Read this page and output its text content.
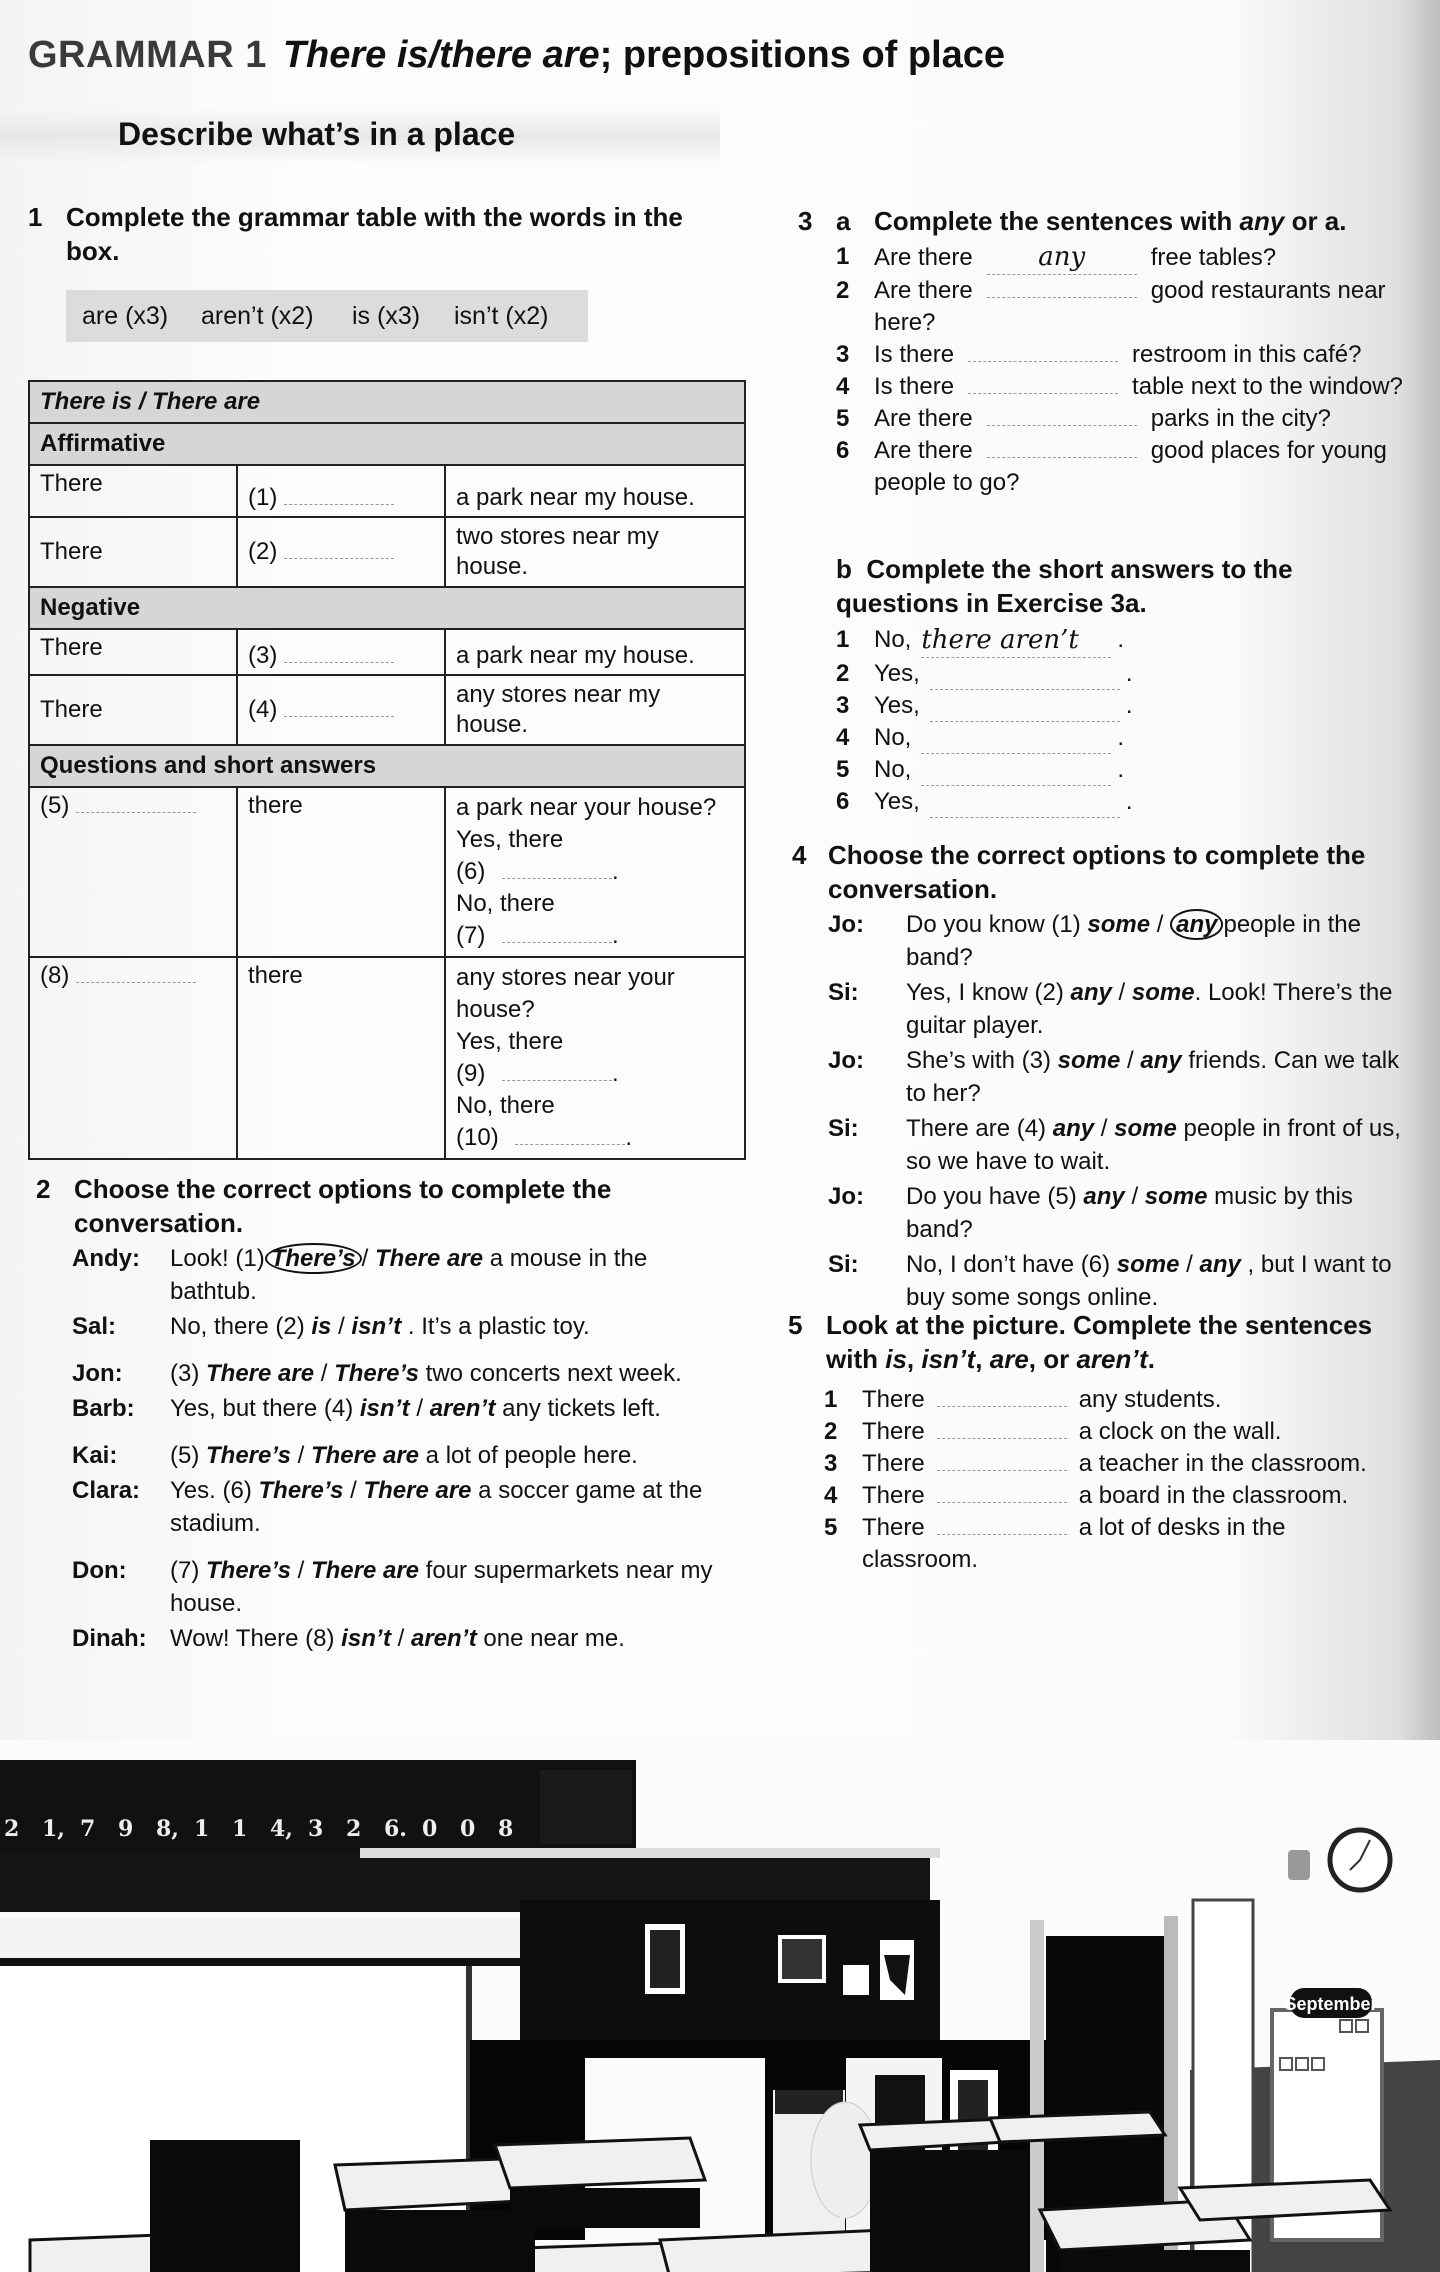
GRAMMAR 1 There is/there are; prepositions of place
Describe what’s in a place
1 Complete the grammar table with the words in the box.
are (x3) aren’t (x2) is (x3) isn’t (x2)
There is / There are		
Affirmative		
There	(1)	a park near my house.
There	(2)	two stores near my house.
Negative		
There	(3)	a park near my house.
There	(4)	any stores near my house.
Questions and short answers		
(5)	there	a park near your house?
Yes, there
(6) .
No, there
(7) .

(8)	there	any stores near your house?
Yes, there
(9) .
No, there
(10) .
2 Choose the correct options to complete the conversation.
Andy:	Look! (1) There’s / There are a mouse in the bathtub.
Sal:	No, there (2) is / isn’t . It’s a plastic toy.
Jon:	(3) There are / There’s two concerts next week.
Barb:	Yes, but there (4) isn’t / aren’t any tickets left.
Kai:	(5) There’s / There are a lot of people here.
Clara:	Yes. (6) There’s / There are a soccer game at the stadium.
Don:	(7) There’s / There are four supermarkets near my house.
Dinah: Wow! There (8) isn’t / aren’t one near me.
3 a Complete the sentences with any or a.
1	Are there	any	free tables?
2	Are there	good restaurants near here?
3	Is there	restroom in this café?
4	Is there	table next to the window?
5	Are there	parks in the city?
6	Are there	good places for young people to go?
b Complete the short answers to the questions in Exercise 3a.
1	No, there aren’t	.
2	Yes,	.
3	Yes,	.
4	No,	.
5	No,	.
6	Yes,	.
4 Choose the correct options to complete the conversation.
Jo:	Do you know (1) some / any people in the band?
Si:	Yes, I know (2) any / some. Look! There’s the guitar player.
Jo:	She’s with (3) some / any friends. Can we talk to her?
Si:	There are (4) any / some people in front of us, so we have to wait.
Jo:	Do you have (5) any / some music by this band?
Si:	No, I don’t have (6) some / any , but I want to buy some songs online.
5 Look at the picture. Complete the sentences with is, isn’t, are, or aren’t.
1	There	any students.
2	There	a clock on the wall.
3	There	a teacher in the classroom.
4	There	a board in the classroom.
5	There	a lot of desks in the classroom.
2 1, 7 9 8, 1 1 4, 3 2 6. 0 0 8
September
